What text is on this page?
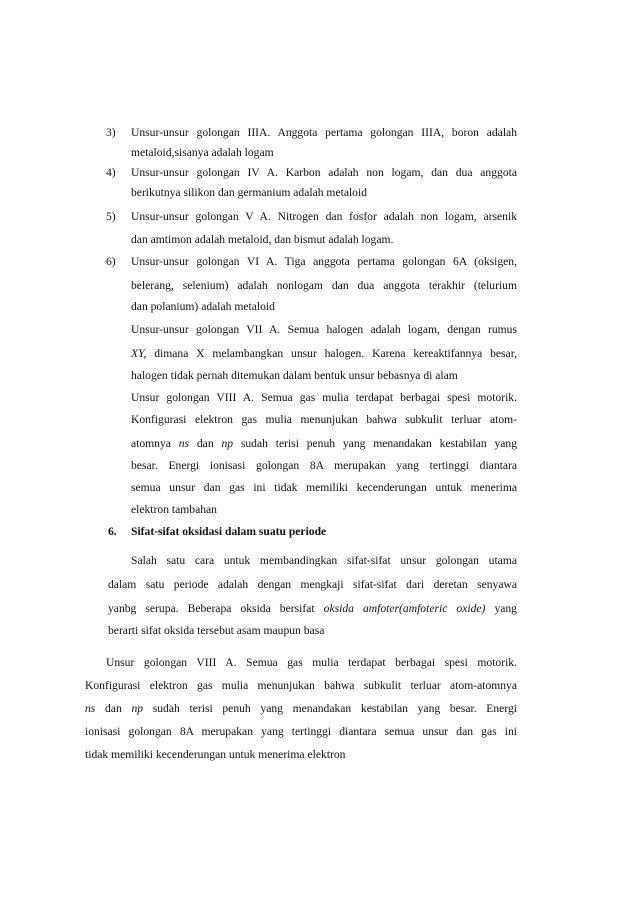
3) Unsur-unsur golongan IIIA. Anggota pertama golongan IIIA, boron adalah
metaloid,sisanya adalah logam
4) Unsur-unsur golongan IV A. Karbon adalah non logam, dan dua anggota
berikutnya silikon dan germanium adalah metaloid
5) Unsur-unsur golongan V A. Nitrogen dan fosfor adalah non logam, arsenik
dan amtimon adalah metaloid, dan bismut adalah logam.
6) Unsur-unsur golongan VI A. Tiga anggota pertama golongan 6A (oksigen,
belerang, selenium) adalah nonlogam dan dua anggota terakhir (telurium
dan polanium) adalah metaloid
Unsur-unsur golongan VII A. Semua halogen adalah logam, dengan rumus
XY, dimana X melambangkan unsur halogen. Karena kereaktifannya besar,
halogen tidak pernah ditemukan dalam bentuk unsur bebasnya di alam
Unsur golongan VIII A. Semua gas mulia terdapat berbagai spesi motorik.
Konfigurasi elektron gas mulia menunjukan bahwa subkulit terluar atom-
atomnya ns dan np sudah terisi penuh yang menandakan kestabilan yang
besar. Energi ionisasi golongan 8A merupakan yang tertinggi diantara
semua unsur dan gas ini tidak memiliki kecenderungan untuk menerima
elektron tambahan
6. Sifat-sifat oksidasi dalam suatu periode
Salah satu cara untuk membandingkan sifat-sifat unsur golongan utama
dalam satu periode adalah dengan mengkaji sifat-sifat dari deretan senyawa
yanbg serupa. Beberapa oksida bersifat oksida amfoter(amfoteric oxide) yang
berarti sifat oksida tersebut asam maupun basa
Unsur golongan VIII A. Semua gas mulia terdapat berbagai spesi motorik.
Konfigurasi elektron gas mulia menunjukan bahwa subkulit terluar atom-atomnya
ns dan np sudah terisi penuh yang menandakan kestabilan yang besar. Energi
ionisasi golongan 8A merupakan yang tertinggi diantara semua unsur dan gas ini
tidak memiliki kecenderungan untuk menerima elektron
